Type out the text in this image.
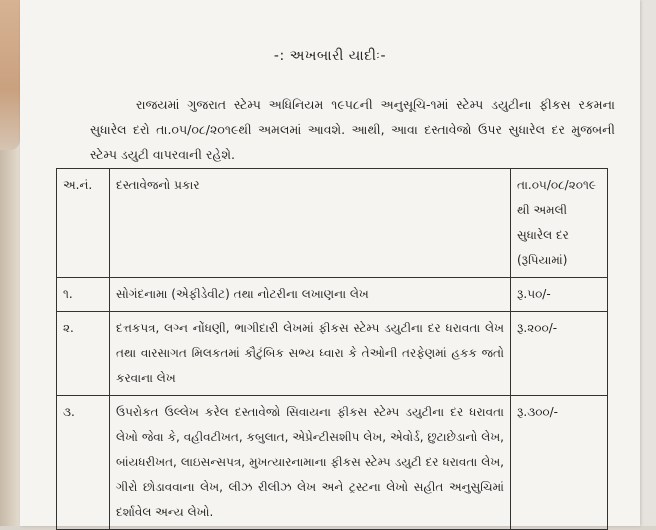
-: અખબારી યાદીઃ-
રાજયમાં ગુજરાત સ્ટેમ્પ અધિનિયમ ૧૯૫૮ની અનુસૂચિ-૧માં સ્ટેમ્પ ડયુટીના ફીકસ રકમના સુધારેલ દરો તા.૦૫/૦૮/૨૦૧૯થી અમલમાં આવશે. આથી, આવા દસ્તાવેજો ઉપર સુધારેલ દર મુજબની સ્ટેમ્પ ડયુટી વાપરવાની રહેશે.
અ.નં.	દસ્તાવેજનો પ્રકાર	તા.૦૫/૦૮/૨૦૧૯ થી અમલી સુધારેલ દર (રૂપિયામાં)
૧.	સોગંદનામા (એફીડેવીટ) તથા નોટરીના લખાણના લેખ	રૂ.૫૦/-
૨.	દત્તકપત્ર, લગ્ન નોંધણી, ભાગીદારી લેખમાં ફીકસ સ્ટેમ્પ ડયુટીના દર ધરાવતા લેખ તથા વારસાગત મિલકતમાં કૌટુંબિક સભ્ય ધ્વારા કે તેઓની તરફેણમાં હકક જતો કરવાના લેખ	રૂ.૨૦૦/-
૩.	ઉપરોકત ઉલ્લેખ કરેલ દસ્તાવેજો સિવાયના ફીકસ સ્ટેમ્પ ડયુટીના દર ધરાવતા લેખો જેવા કે, વહીવટીખત, કબુલાત, એપ્રેન્ટીસશીપ લેખ, એવોર્ડ, છુટાછેડાનો લેખ, બાંયધરીખત, લાઇસન્સપત્ર, મુખત્યારનામાના ફીકસ સ્ટેમ્પ ડયુટી દર ધરાવતા લેખ, ગીરો છોડાવવાના લેખ, લીઝ રીલીઝ લેખ અને ટ્રસ્ટના લેખો સહીત અનુસુચિમાં દર્શાવેલ અન્ય લેખો.	રૂ.૩૦૦/-
